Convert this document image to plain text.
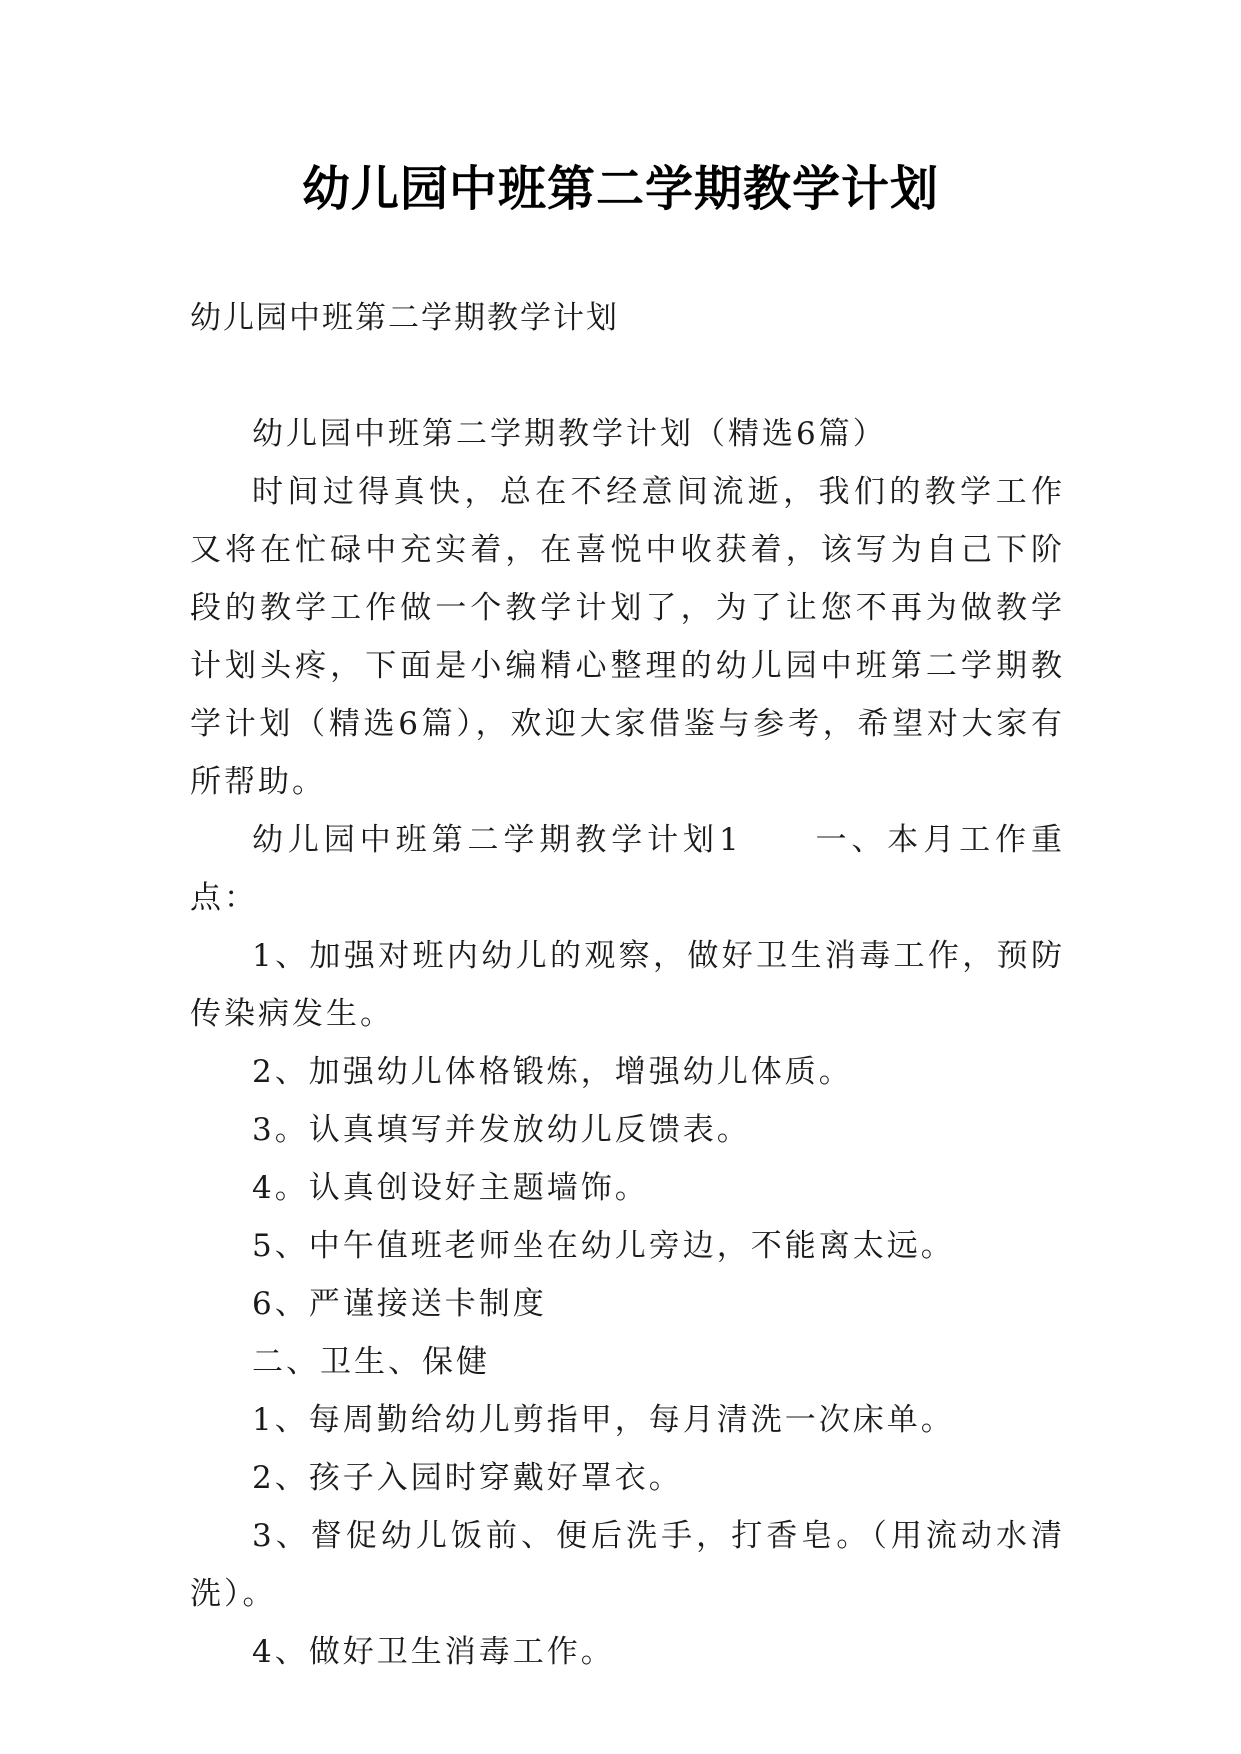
幼儿园中班第二学期教学计划
幼儿园中班第二学期教学计划

幼儿园中班第二学期教学计划（精选6篇）

时间过得真快，总在不经意间流逝，我们的教学工作又将在忙碌中充实着，在喜悦中收获着，该写为自己下阶段的教学工作做一个教学计划了，为了让您不再为做教学计划头疼，下面是小编精心整理的幼儿园中班第二学期教学计划（精选6篇），欢迎大家借鉴与参考，希望对大家有所帮助。

幼儿园中班第二学期教学计划1　　一、本月工作重点：

1、加强对班内幼儿的观察，做好卫生消毒工作，预防传染病发生。

2、加强幼儿体格锻炼，增强幼儿体质。

3。认真填写并发放幼儿反馈表。

4。认真创设好主题墙饰。

5、中午值班老师坐在幼儿旁边，不能离太远。

6、严谨接送卡制度

二、卫生、保健

1、每周勤给幼儿剪指甲，每月清洗一次床单。

2、孩子入园时穿戴好罩衣。

3、督促幼儿饭前、便后洗手，打香皂。（用流动水清洗）。

4、做好卫生消毒工作。
